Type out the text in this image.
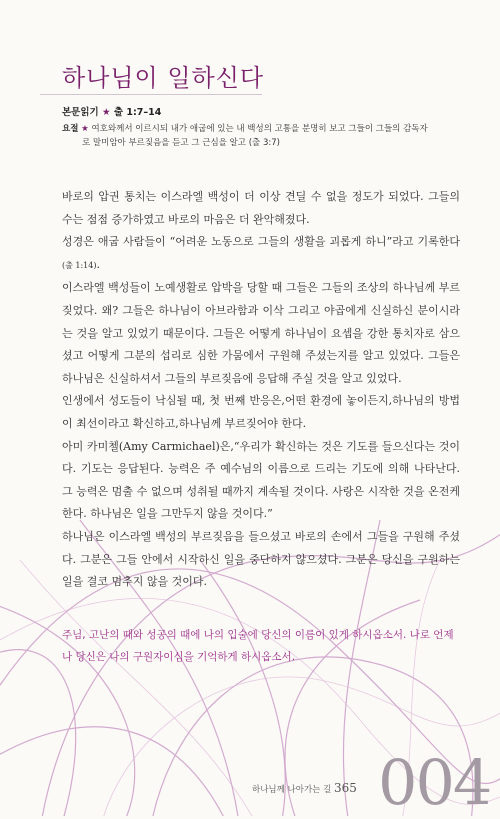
하나님이 일하신다
본문읽기 ★ 출 1:7–14
요절 ★ 여호와께서 이르시되 내가 애굽에 있는 내 백성의 고통을 분명히 보고 그들이 그들의 감독자
로 말미암아 부르짖음을 듣고 그 근심을 알고 (출 3:7)

바로의 압권 통치는 이스라엘 백성이 더 이상 견딜 수 없을 정도가 되었다. 그들의 수는 점점 증가하였고 바로의 마음은 더 완악해졌다.

성경은 애굽 사람들이 “어려운 노동으로 그들의 생활을 괴롭게 하니”라고 기록한다(출 1:14).

이스라엘 백성들이 노예생활로 압박을 당할 때 그들은 그들의 조상의 하나님께 부르짖었다. 왜? 그들은 하나님이 아브라함과 이삭 그리고 야곱에게 신실하신 분이시라는 것을 알고 있었기 때문이다. 그들은 어떻게 하나님이 요셉을 강한 통치자로 삼으셨고 어떻게 그분의 섭리로 심한 가뭄에서 구원해 주셨는지를 알고 있었다. 그들은 하나님은 신실하셔서 그들의 부르짖음에 응답해 주실 것을 알고 있었다.

인생에서 성도들이 낙심될 때, 첫 번째 반응은,어떤 환경에 놓이든지,하나님의 방법이 최선이라고 확신하고,하나님께 부르짖어야 한다.

아미 카미첼(Amy Carmichael)은,“우리가 확신하는 것은 기도를 들으신다는 것이다. 기도는 응답된다. 능력은 주 예수님의 이름으로 드리는 기도에 의해 나타난다. 그 능력은 멈출 수 없으며 성취될 때까지 계속될 것이다. 사랑은 시작한 것을 온전케 한다. 하나님은 일을 그만두지 않을 것이다.”

하나님은 이스라엘 백성의 부르짖음을 들으셨고 바로의 손에서 그들을 구원해 주셨다. 그분은 그들 안에서 시작하신 일을 중단하지 않으셨다. 그분은 당신을 구원하는 일을 결코 멈추지 않을 것이다.

주님, 고난의 때와 성공의 때에 나의 입술에 당신의 이름이 있게 하시옵소서. 나로 언제나 당신은 나의 구원자이심을 기억하게 하시옵소서.
하나님께 나아가는 길 365 004
